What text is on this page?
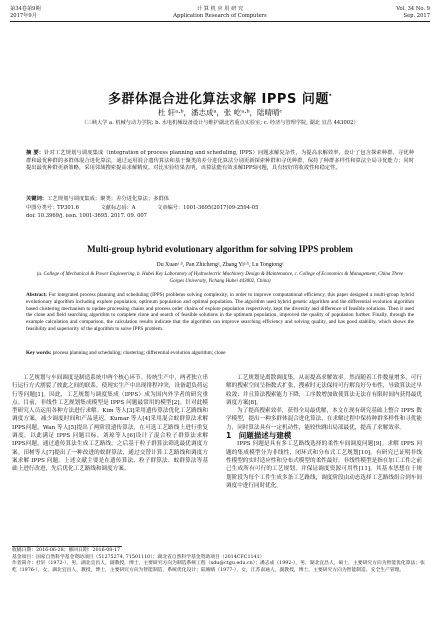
第34卷第9期
2017年9月
计 算 机 应 用 研 究
Application Research of Computers
Vol. 34 No. 9
Sep. 2017
多群体混合进化算法求解 IPPS 问题*
杜 轩ᵃ·ᵇ，潘志成ᵃ，张 屹ᵃ·ᵇ，陆晴晴ᶜ
（三峡大学 a. 机械与动力学院; b. 水电机械设备设计与维护湖北省重点实验室; c. 经济与管理学院, 湖北 宜昌 443002）
摘 要：针对工艺规划与调度集成（integration of process planning and scheduling, IPPS）问题求解复杂性，为提高求解效率，设计了包含探索种群、寻优种群和最优种群的多群体混合进化算法，通过运用混合遗传算法和基于聚类的差分进化算法分别更新探索种群和寻优种群，保持了种群多样性和算法全局寻优能力；同时提出最优种群更新策略，采用邻域搜索提高求解精度。对比实验结果表明，该算法能有效求解IPPS问题，具有较好的收敛性和稳定性。
关键词：工艺规划与调度集成；聚类；差分进化算法；多群体
中图分类号：TP301.6	文献标志码：A	文章编号：1001-3695(2017)09-2594-05
doi: 10.3969/j. issn. 1001-3695. 2017. 09. 007
Multi-group hybrid evolutionary algorithm for solving IPPS problem
Du Xuanᵃ·ᵇ, Pan Zhichengᵃ, Zhang Yiᵃ·ᵇ, Lu Tongtongᶜ
(a. College of Mechanical & Power Engineering, b. Hubei Key Laboratory of Hydroelectric Machinery Design & Maintenance, c. College of Economics & Management, China Three Gorges University, Yichang Hubei 443002, China)
Abstract: For integrated process planning and scheduling (IPPS) problems solving complexity, in order to improve computational efficiency, this paper designed a multi-group hybrid evolutionary algorithm including explore population, optimum population and optimal population. The algorithm used hybrid genetic algorithm and the differential evolution algorithm based clustering mechanism to update processing chains and process order chains of explore population respectively, kept the diversity and difference of feasible solutions. Then it used the clone and field searching algorithm to complete clone and search of feasible solutions in the optimum population, improved the quality of population further. Finally, through the example calculation and comparison, the calculation results indicate that the algorithm can improve searching efficiency and solving quality, and has good stability, which shows the feasibility and superiority of the algorithm to solve IPPS problem.
Key words: process planning and scheduling; clustering; differential evolution algorithm; clone

工艺规划与车间调度是制造系统中两个核心环节。传统生产中，两者独立串行运行方式割裂了彼此之间的联系，使现实生产中出现排程冲突，设备超负荷运行等问题[1]。因此，工艺规划与调度集成（IPPS）成为国内外学者的研究重点。目前，非线性工艺规划集成模型是 IPPS 问题最常用的模型[2]。针对此模型研究人员运用各种方法进行求解。Kim 等人[3]采用遗传算法优化工艺路线和调度方案，减少调度时间和产品延迟。Kumar 等人[4]采用混合蚁群算法求解IPPS问题，Wan 等人[5]提出了两阶段遗传算法，在可选工艺路线上进行重复调度，以此满足 IPPS 问题目标。刘琼等人[6]设计了混合粒子群算法求解 IPPS问题，通过遗传算法生成工艺路线，之后基于粒子群算法筛选最优调度方案。田树等人[7]提出了一种改进的蚁群算法，通过交替计算工艺路线和调度方案求解 IPPS 问题。上述文献主要是在遗传算法、粒子群算法、蚁群算法等基础上进行改进，先后优化工艺路线和调度方案。

工艺规划是离散调度集，从而提高求解效率。然而随着工件数量增多，可行解的搜索空间呈指数式扩张，搜索时无法保持可行解良好分布性，导致算法过早收敛；并且算法搜索能力下降，工序数增加致使算法无法在有限时间内获得最优调度方案[8]。

为了提高搜索效率，获得全局最优解，本文在现有研究基础上整合 IPPS 数学模型，提出一种多群体混合进化算法，在求解过程中保持种群多样性和寻优能力，同时算法具有一定机动性，能较快跳出局部最优，提高了求解效率。

1　问题描述与建模

IPPS 问题是具有多工艺路线选择的柔性车间调度问题[9]。求解 IPPS 问题的集成模型分为非线性、闭环式和分布式工艺规划[10]。有研究已证明非线性模型的实时适应性和分布式模型的柔性最好。非线性模型是指在加工工件之前已生成所有可行的工艺规划，并保证调度资源可用性[11]。其基本思想在于规划阶段为每个工件生成多条工艺路线，调度阶段由动态选择工艺路线组合到车间调度中进行同时优化。

收稿日期：2016-06-28；修回日期：2016-08-17
基金项目：国家自然科学基金资助项目（51275274, 71501110）；湖北省自然科学基金资助项目（2014CFC1141）
作者简介：杜轩（1972-），男，湖北宜昌人，副教授，博士，主要研究方向为制造系统工程（xdu@ctgu.edu.cn）；潘志成（1992-），男，湖北宜昌人，硕士，主要研究方向为智能优化算法；张屹（1976-），女，湖北宜昌人，教授，博士，主要研究方向为智能制造、系统优化设计；陆晴晴（1977-），女，江苏南通人，副教授，博士，主要研究方向为智能制造、安全生产管理。
